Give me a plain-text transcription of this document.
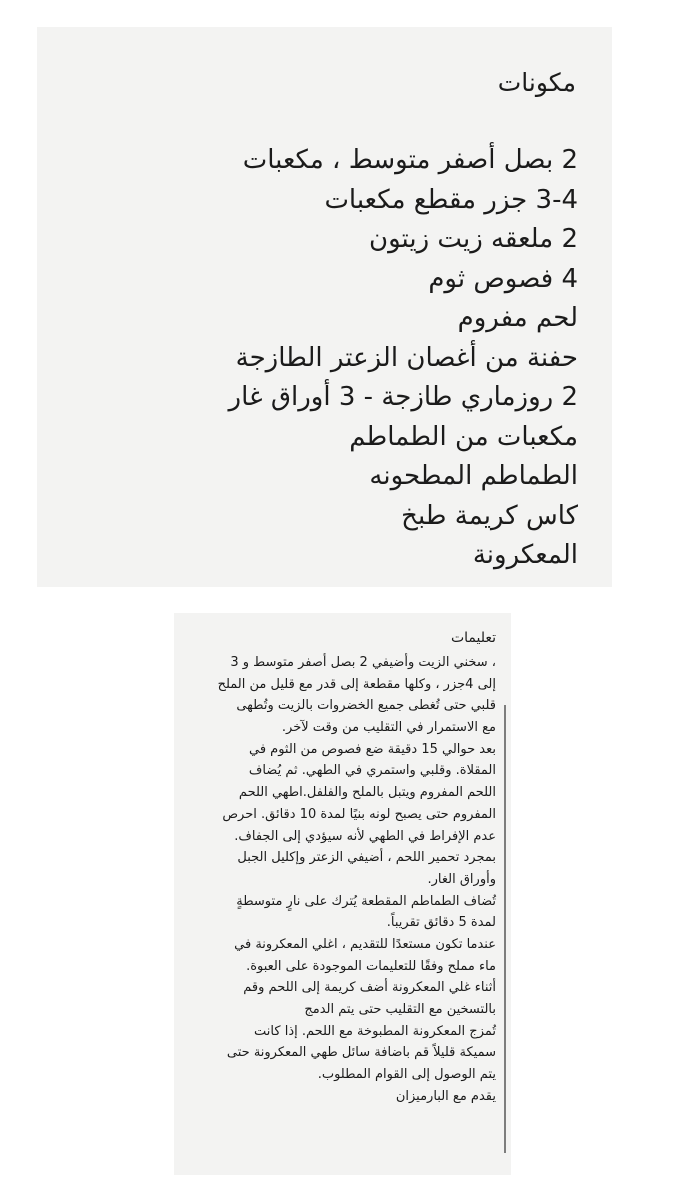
مكونات
2 بصل أصفر متوسط ، مكعبات
3-4 جزر مقطع مكعبات
2 ملعقه زيت زيتون
4 فصوص ثوم
لحم مفروم
حفنة من أغصان الزعتر الطازجة
2 روزماري طازجة - 3 أوراق غار
مكعبات من الطماطم
الطماطم المطحونه
كاس كريمة طبخ
المعكرونة
تعليمات
، سخني الزيت وأضيفي 2 بصل أصفر متوسط و 3
إلى 4جزر ، وكلها مقطعة إلى قدر مع قليل من الملح
قلبي حتى تُغطى جميع الخضروات بالزيت وتُطهى
مع الاستمرار في التقليب من وقت لآخر.
بعد حوالي 15 دقيقة ضع فصوص من الثوم في
المقلاة. وقلبي واستمري في الطهي. ثم يُضاف
اللحم المفروم ويتبل بالملح والفلفل.اطهي اللحم
المفروم حتى يصبح لونه بنيًا لمدة 10 دقائق. احرص
عدم الإفراط في الطهي لأنه سيؤدي إلى الجفاف.
بمجرد تحمير اللحم ، أضيفي الزعتر وإكليل الجبل
وأوراق الغار.
تُضاف الطماطم المقطعة يُترك على نارٍ متوسطةٍ
لمدة 5 دقائق تقريباً.
عندما تكون مستعدًا للتقديم ، اغلي المعكرونة في
ماء مملح وفقًا للتعليمات الموجودة على العبوة.
أثناء غلي المعكرونة أضف كريمة إلى اللحم وقم
بالتسخين مع التقليب حتى يتم الدمج
تُمزج المعكرونة المطبوخة مع اللحم. إذا كانت
سميكة قليلاً قم باضافة سائل طهي المعكرونة حتى
يتم الوصول إلى القوام المطلوب.
يقدم مع البارميزان
